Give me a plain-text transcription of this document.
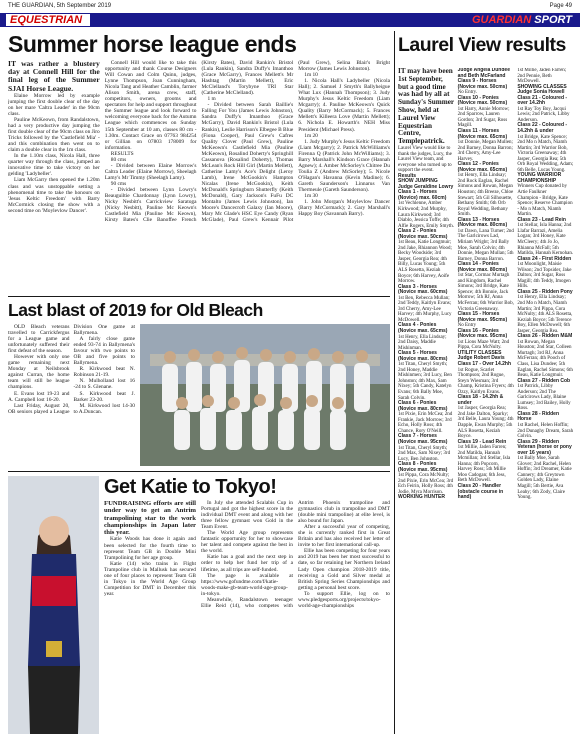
THE GUARDIAN, 5th September 2019	Page 49
EQUESTRIAN	GUARDIAN SPORT
Summer horse league ends

IT was rather a blustery day at Connell Hill for the final leg of the Summer SJAI Horse League.

Elaine Morrow led by example jumping the first double clear of the day on her mare 'Caltra Leader' in the 90cm class.

Pauline McKeown, from Randalstown, had a very productive day jumping the first double clear of the 90cm class on Jiro Tricks followed by the 'Castlefield Mia' - and this combination then went on to claim a double clear in the 1m class.

In the 1.10m class, Nicola Hall, three quarter way through the class, jumped an innovative time to take victory on her gelding 'Ladybeller'.

Liam McGarry then opened the 1.20m class and was unstoppable setting a phenomenal time to take the honours on 'Jesus Keltic Freedom' with Barry McCormick closing the show with a second time on 'Moylevlow Dancer'.

Connell Hill would like to take this opportunity and thank Course Designers Will Cowan and Colm Quinn, judges, Lynne Thompson, Joan Cunningham, Nicola Tang and Heather Camblin, farmer Alison Smith, arena crew, staff, competitors, owners, grooms and spectators for help and support throughout the Summer league and look forward to welcoming everyone back for the Autumn League which commences on Sunday 15th September at 10 am, classes 80 cm - 1.30m. Contact Grace on 07763 984254 or Gillian on 07803 178009 for information.

RESULTS

80 cms

- Divided between Elaine Morrow's Caltra Leader (Elaine Morrow), Sheelagh Lamy's Mr Timmy (Sheelagh Lamy).

90 cms

- Divided between Lynn Lowry's Beauguiltie Chardonnay (Lynn Lowry), Nicky Nesbitt's Carrickview Saratoga (Nicky Nesbitt), Pauline Mc Keown's Castlefield Mia (Pauline Mc Keown), Kirsty Bates's Clie Banoffee French (Kirsty Bates), David Rankin's Bristol (Lula Rankin), Sandra Duffy's Imanthoo (Grace McGarry), Frances Mellett's Mr Hashtag (Martin Mellett), Eric McClelland's Torybyne TRI Star (Catherine McClelland).

1 m

- Divided between Sarah Baillie's Falling For You (James Lewis Johnston), Sandra Duffy's Imanthoo (Grace McGarry), David Rankin's Bristol (Lula Rankin), Leslie Harrison's Elbegee B Blue (Fiona Cooper), Paul Grew's Cafres Quality Clover (Paul Grew), Pauline McKeown's Castlefield Mia (Pauline McKeown), Rosalind Doherty's Springhill Cassanova (Rosalind Doherty), Thomas McLean's Rock Hill Girl (Martin Mellett), Catherine Lamy's Ace's Delight (Leroy Lamb), Irene McGookin's Hampton Nicalas (Irene McGookin), Keith McDonald's Springburn Shutterfly (Keith McDonald), Gary Jackson's FuFu DC Montalto (James Lewis Johnston), Ian Moore's Dancecroft Galaxy (Ian Moore), Mary Mc Glade's HSC Eye Candy (Ryan McGlade), Paul Grew's Kennair Pilot (Paul Grew), Selina Blair's Bright Morrow (James Lewis Johnston).

1m 10

1. Nicola Hall's Ladybeller (Nicola Hall); 2. Samuel J Smyth's Ballyheigue What Lux (Hannah Thompson); 3. Judy Murphy's Jesus Keltic Freedom (Liam Mcgarry); 4. Pauline McKeown's Quick Quality (Barry McCormack); 5. Frances Mellett's Killeera Love (Martin Mellett); 6. Nichola E. Howarth's NEH Miss President (Michael Press).

1m 20

1. Judy Murphy's Jesus Keltic Freedom (Liam Mcgarry); 2. Patrick McWilliams's Firenna Q (Patrick John McWilliams); 3. Barry Marshall's Kindson Grace (Hannah Agnew); 4. Amber McSorley's Chitree Du Toulia Z (Andrew McSorley); 5. Nicole O'Hagan's Havanna (Kevin Madine); 6. Gareth Saunderson's Linnarus Van Thermeule (Gareth Saunderson).

1m 30

1. John Morgan's Moylevlow Dancer (Barry McCormack); 2. Gary Marshall's Happy Boy (Savannah Barry).

Last blast of 2019 for Old Bleach

OLD Bleach veterans travelled to Carrickfergus for a League game and unfortunately suffered their first defeat of the season.

However with only one game remaining next Monday at Neilsbrook against Curran, the home team will still be league champions.

E. Evans lost 19-23 and A. Campbell lost 16-20.

Last Friday, August 20, OB seniors played a League Division One game at Ballymena.

A fairly close game ended 93-74 in Ballymena's favour with two points to OB and five points to Ballymena.

R. Kirkwood beat N. Robinson 21-19.

N. Mulholland lost 16 -24 to S. Glenane.

S. Kirkwood beat J. Barker 23-20.

M. Kirkwood lost 14-30 to A.Duncan.

Get Katie to Tokyo!

FUNDRAISING efforts are still under way to get an Antrim trampolining star to the work championships in Japan later this year.

Katie Woods has done it again and been selected for the fourth time to represent Team GB in Double Mini Trampolining for her age group.

Katie (14) who trains in Flight Trampoline club in Mallusk has secured one of four places to represent Team GB in Tokyo in the World Age Group Competition for DMT in December this year.

In July she attended Scalabis Cup in Portugal and got the highest score in the individual DMT event and along with her three fellow gymnast won Gold in the Team Event.

The World Age group represents fantastic opportunity for her to showcase her talent and compete against the best in the world.

Katie has a goal and the next step in order to help her fund her trip of a lifetime, as all trips are self-funded.

The page is available at https://www.gofundme.com/f/katie-woods-make-gb-team-world-age-group-in-tokyo.

Meanwhile, Randalstown teenager Ellie Reid (14), who competes with Antrim Phoenix trampoline and gymnastics club in trampoline and DMT (double mini trampoline) at elite level, is also bound for Japan.

After a successful year of competing, she is currently ranked first in Great Britain and has also received her letter of invite to her first international call-up.

Ellie has been competing for four years and 2019 has been her most successful to date, so far retaining her Northern Ireland Lady Open champion 2018-2019 title, receiving a Gold and Silver medal at British Spring Series Championships and getting a personal best score.

To support Ellie, log on to www.pledgesports.org/projects/tokyo-world-age-championships

Laurel View results

IT may have been 1st September, but a good time was had by all at Sunday's Summer Show, held at Laurel View Equestrian Centre, Templepatrick.

Laurel View would like to thank the judges, Lucy, the Laurel View team, and everyone who turned up to support the event.

Results

SHOW JUMPING

Judge Geraldine Lowry

Class 1 - Horses (Novice) max. 60cm)

1st Vechlenne, Amber Kirkwood; 2nd Murphy, Laura Kirkwood; 3rd Diablo, Jessica Toffe; 4th Alfie Rogers, Emily Smyth.

Class 2 - Ponies (Novice max. 50cms)

1st Beau, Katie Longmuir; 2nd Jake, Rhiannon Wood; Becky Woodside; 3rd Jasper, Georgia Rea; 4th Billy, Lucas Young; 5th ALS Rosetta, Keziah Boyce; 6th Harvey, Aoife Morrow.

Class 3 - Horses (Novice max. 60cms)

1st Ben, Rebecca Mullan; 2nd Teddy, Kaitlyn Evans; 3rd Cherry, Amy-Lee Harvey; 4th Murphy, Lucy McDowell.

Class 4 - Ponies (Novice max. 65cms)

1st Henry, Ella Lindsay; 2nd Daisy, Maddie Mishinman.

Class 5 - Horses (Novice max. 80cms)

1st Titan, Cheryl Smyth; 2nd Honey, Maddie Mishinmen; 3rd Lucy, Ben Johnston; 4th Max, Sam Nixey; 5th Candy, Katelyn Evans; 6th Bally Moe, Sarah Colvin.

Class 6 - Ponies (Novice max. 80cms)

1st Pixie, Erin McCea; 2nd Frankie, Jack Morrow; 3rd Echo, Holly Ross; 4th Chance, Rory O'Neill.

Class 7 - Horses (Novice max. 95cms)

1st Titan, Cheryl Smyth; 2nd Max, Sam Nixey; 3rd Lucy, Ben Johnston.

Class 8 - Ponies (Novice max. 95cms)

1st Pippa, Cora McNulty; 2nd Pixie, Erin McCea; 3rd Ech Feirin, Holly Ross; 4th Jodie, Myra Morrison.

WORKING HUNTER

Judge Angela Dundee and Beth McFarland

Class 9 - Horses (Novice max. 50cms)

No Entry.

Class 10 - Ponies (Novice max. 50cms)

1st Harry, Annie Morrow; 2nd Sparrow, Lauren Gordon; 3rd Sugar, Ross Magill.

Class 11 - Horses (Novice max. 65cms)

1st Donnie, Megan Mullen; 2nd Barney, Donna Barron; 3rd Cherry, Amy-Lee Harvey.

Class 12 - Ponies (Novice max. 65cms)

1st Henry, Ella Lindsay; 2nd Rock Eaglan, Rachel Simons and Rowan, Megan Houston; 4th Breeze, Chloe Stewart; 5th Gil Silhouette, Bethany Smith; 6th Orb Royal Wedding, Bethany Smith.

Class 13 - Horses (Novice max. 80cms)

1st Dawn, Lana Turner; 2nd The Garlcirows Lad, Miriam Wright; 3rd Bally Moe, Sarah Colvin; 4th Donnie, Megan Mullan; 5th Barney, Donna Barron.

Class 14 - Ponies (Novice max. 80cms)

1st Star, Cormac Murtagh and Kingdom, Rachel Simons; 3rd Bridge, Kate Spence; 4th Bonnie, Jack Morrow; 5th RJ, Anna McFerran; 6th Warrior Bob, Victoria Greenaway.

Class 15 - Horses (Novice max. 95cms)

No Entry

Class 16 - Ponies (Novice max. 95cms)

1st Lions Maze Watt; 2nd Pippa, Cora McNulty.

UTILITY CLASSES

Judge Robert Davis

Class 17 - Over 14.2hh

1st Rogue, Scarlet Thompson; 2nd Rogue, Steyn Wiesman; 3rd Champ, Kristina Fryers; 4th Ozzy, Kaitlyn Evans.

Class 18 - 14.2hh & under

1st Jasper, Georgia Rea; 2nd Jake Dalton, Sparky; 3rd Belle, Laura Young; 4th Dapple, Ewan Murphy; 5th ALS Rosetta, Keziah Boyce.

Class 19 - Lead Rein

1st Millie, Jaden Farren; 2nd Matilda, Hannah Mcmillan; 3rd Stellar, Isla Hanna; 4th Popcorn, Harvey Ross; 5th Millie Moo Cadogan; 6th Jess, Beth McDowell.

Class 20 - Handler (obstacle course in hand)

1st Millie, Jaden Farren; 2nd Pennie, Beth McDowell.

SHOWING CLASSES

Judge Sonia Howell

Class 21 - Coloured - over 14.2hh

1st Ray Toy Boy, Jacqui Lewis; 2nd Patrick, Libby Anderson.

Class 22 - Coloured - 14.2hh & under

1st Bridge, Kate Spence; 2nd Mo n Match, Niamh Martin; 3rd Warrior Bob, Victoria Greenaway; 4th Jasper, Georgia Rea; 5th Orb Royal Wedding, Adam; 6th Belle, Lucas Young.

YOUNG WARRIOR CHAMPIONSHIP

Winners Cup donated by Artie Faulkner

Champion - Bridge, Kate Spence; Reserve Champion - Mo n Match, Niamh Martin.

Class 23 - Lead Rein

1st Stellar, Isla Hanna; 2nd Llafar Barrazi, Amelia Logan; 3rd Honey, Kate McCleery; 4th Jo Jo, Rhianna McFall; 5th Matilda, Hannah Kernohan.

Class 24 - First Ridden

1st Moonlight, Maisie Wilson; 2nd Topsider, Jake Dalton; 3rd Sugar, Ross Magill; 4th Teddy, Imogen Hills.

Class 25 - Ridden Pony

1st Henry, Ella Lindsay; 2nd Mo n Match, Niamh Martin; 3rd Pippa, Cora McNulty; 4th ALS Rosetta, Keziah Boyce; 5th Terence Boy, Ellen McDowell; 6th Jasper, Georgia Rea.

Class 26 - Ridden M&M

1st Rowan, Megan Houston; 2nd Star, Colleen Murtagh; 3rd RJ, Anna McFerran; 4th Pooch of Class, Lisa Dundee; 5th Eaglan, Rachel Simons; 6th Beau, Katie Longmuir.

Class 27 - Ridden Cob

1st Patrick, Libby Anderson; 2nd The Garlcirows Lady, Blaine Lumsey; 3rd Bailey, Holly Ross.

Class 28 - Ridden Horse

1st Rachel, Helen Hoffin; 2nd Dunaghy Dream, Sarah Colvin.

Class 29 - Ridden Veteran (horse or pony over 16 years)

1st Bally Moe, Sarah Glover; 2nd Rachel, Helen Hoffin; 3rd Dreamer, Katie Cannery; 4th Greytown Golden Lady, Elaine Magill; 5th Bertie, Ava Leahy; 6th Zody, Claire Young.
